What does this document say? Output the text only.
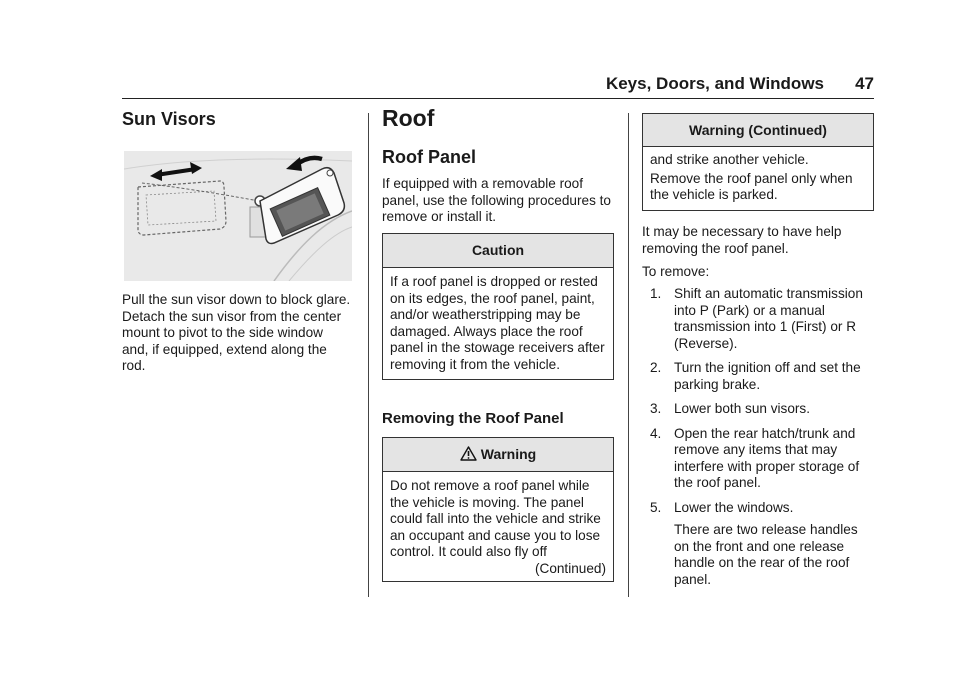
Keys, Doors, and Windows 47
Sun Visors

Pull the sun visor down to block glare. Detach the sun visor from the center mount to pivot to the side window and, if equipped, extend along the rod.

Roof
Roof Panel

If equipped with a removable roof panel, use the following procedures to remove or install it.

Caution
If a roof panel is dropped or rested on its edges, the roof panel, paint, and/or weatherstripping may be damaged. Always place the roof panel in the stowage receivers after removing it from the vehicle.
Removing the Roof Panel
Warning
Do not remove a roof panel while the vehicle is moving. The panel could fall into the vehicle and strike an occupant and cause you to lose control. It could also fly off
(Continued)
Warning (Continued)
and strike another vehicle.
Remove the roof panel only when the vehicle is parked.

It may be necessary to have help removing the roof panel.

To remove:

1. Shift an automatic transmission into P (Park) or a manual transmission into 1 (First) or R (Reverse).
2. Turn the ignition off and set the parking brake.
3. Lower both sun visors.
4. Open the rear hatch/trunk and remove any items that may interfere with proper storage of the roof panel.
5. Lower the windows.
There are two release handles on the front and one release handle on the rear of the roof panel.
